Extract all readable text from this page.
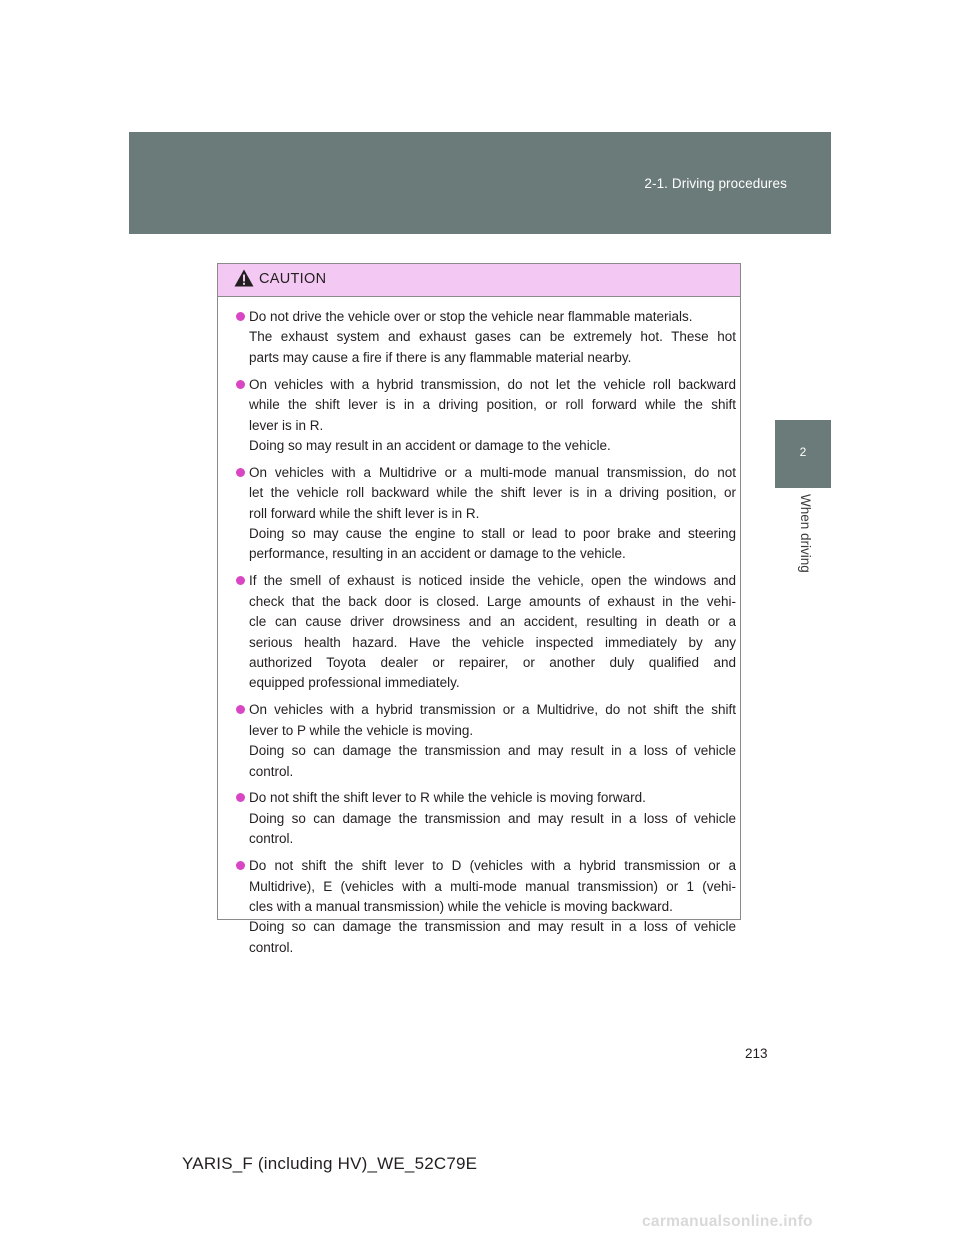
2-1. Driving procedures
2
When driving
CAUTION
Do not drive the vehicle over or stop the vehicle near flammable materials.
The exhaust system and exhaust gases can be extremely hot. These hot
parts may cause a fire if there is any flammable material nearby.
On vehicles with a hybrid transmission, do not let the vehicle roll backward
while the shift lever is in a driving position, or roll forward while the shift
lever is in R.
Doing so may result in an accident or damage to the vehicle.
On vehicles with a Multidrive or a multi-mode manual transmission, do not
let the vehicle roll backward while the shift lever is in a driving position, or
roll forward while the shift lever is in R.
Doing so may cause the engine to stall or lead to poor brake and steering
performance, resulting in an accident or damage to the vehicle.
If the smell of exhaust is noticed inside the vehicle, open the windows and
check that the back door is closed. Large amounts of exhaust in the vehi-
cle can cause driver drowsiness and an accident, resulting in death or a
serious health hazard. Have the vehicle inspected immediately by any
authorized Toyota dealer or repairer, or another duly qualified and
equipped professional immediately.
On vehicles with a hybrid transmission or a Multidrive, do not shift the shift
lever to P while the vehicle is moving.
Doing so can damage the transmission and may result in a loss of vehicle
control.
Do not shift the shift lever to R while the vehicle is moving forward.
Doing so can damage the transmission and may result in a loss of vehicle
control.
Do not shift the shift lever to D (vehicles with a hybrid transmission or a
Multidrive), E (vehicles with a multi-mode manual transmission) or 1 (vehi-
cles with a manual transmission) while the vehicle is moving backward.
Doing so can damage the transmission and may result in a loss of vehicle
control.
213
YARIS_F (including HV)_WE_52C79E
carmanualsonline.info
